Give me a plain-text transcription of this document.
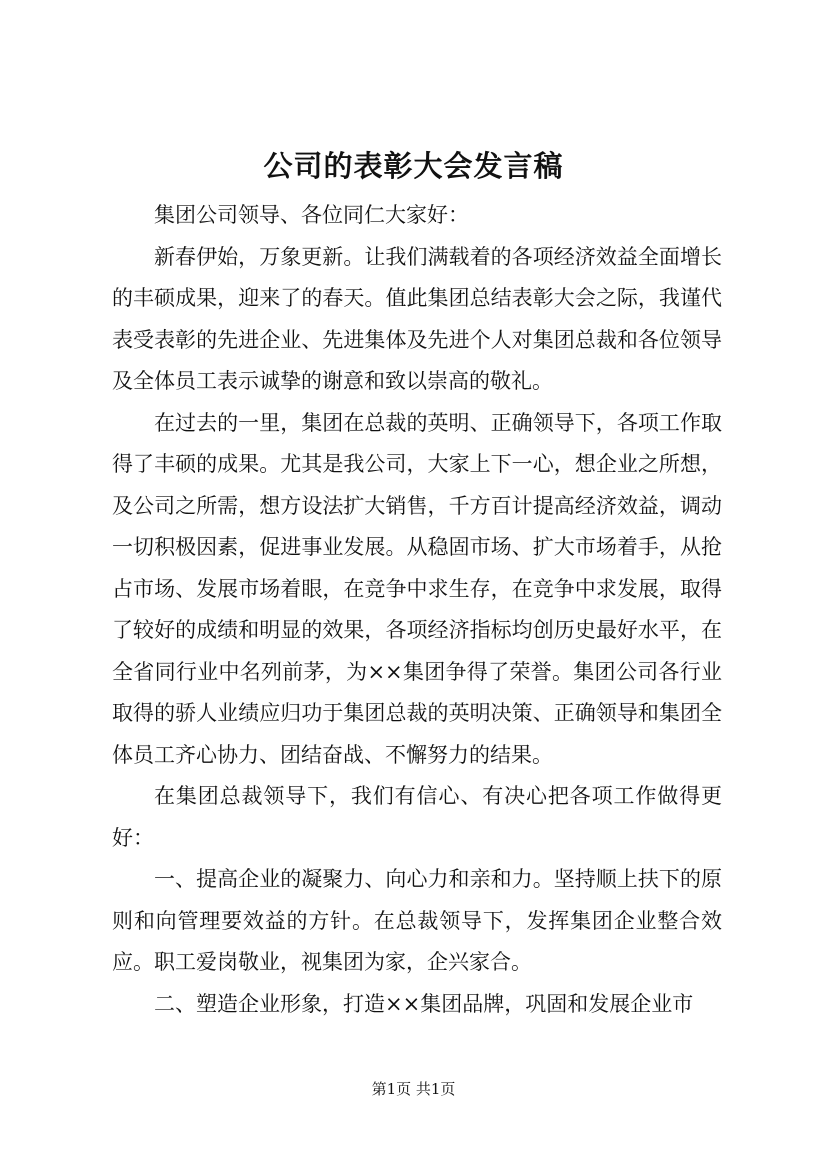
公司的表彰大会发言稿

集团公司领导、各位同仁大家好：

新春伊始，万象更新。让我们满载着的各项经济效益全面增长的丰硕成果，迎来了的春天。值此集团总结表彰大会之际，我谨代表受表彰的先进企业、先进集体及先进个人对集团总裁和各位领导及全体员工表示诚挚的谢意和致以崇高的敬礼。

在过去的一里，集团在总裁的英明、正确领导下，各项工作取得了丰硕的成果。尤其是我公司，大家上下一心，想企业之所想，及公司之所需，想方设法扩大销售，千方百计提高经济效益，调动一切积极因素，促进事业发展。从稳固市场、扩大市场着手，从抢占市场、发展市场着眼，在竞争中求生存，在竞争中求发展，取得了较好的成绩和明显的效果，各项经济指标均创历史最好水平，在全省同行业中名列前茅，为××集团争得了荣誉。集团公司各行业取得的骄人业绩应归功于集团总裁的英明决策、正确领导和集团全体员工齐心协力、团结奋战、不懈努力的结果。

在集团总裁领导下，我们有信心、有决心把各项工作做得更好：

一、提高企业的凝聚力、向心力和亲和力。坚持顺上扶下的原则和向管理要效益的方针。在总裁领导下，发挥集团企业整合效应。职工爱岗敬业，视集团为家，企兴家合。

二、塑造企业形象，打造××集团品牌，巩固和发展企业市

第1页 共1页
